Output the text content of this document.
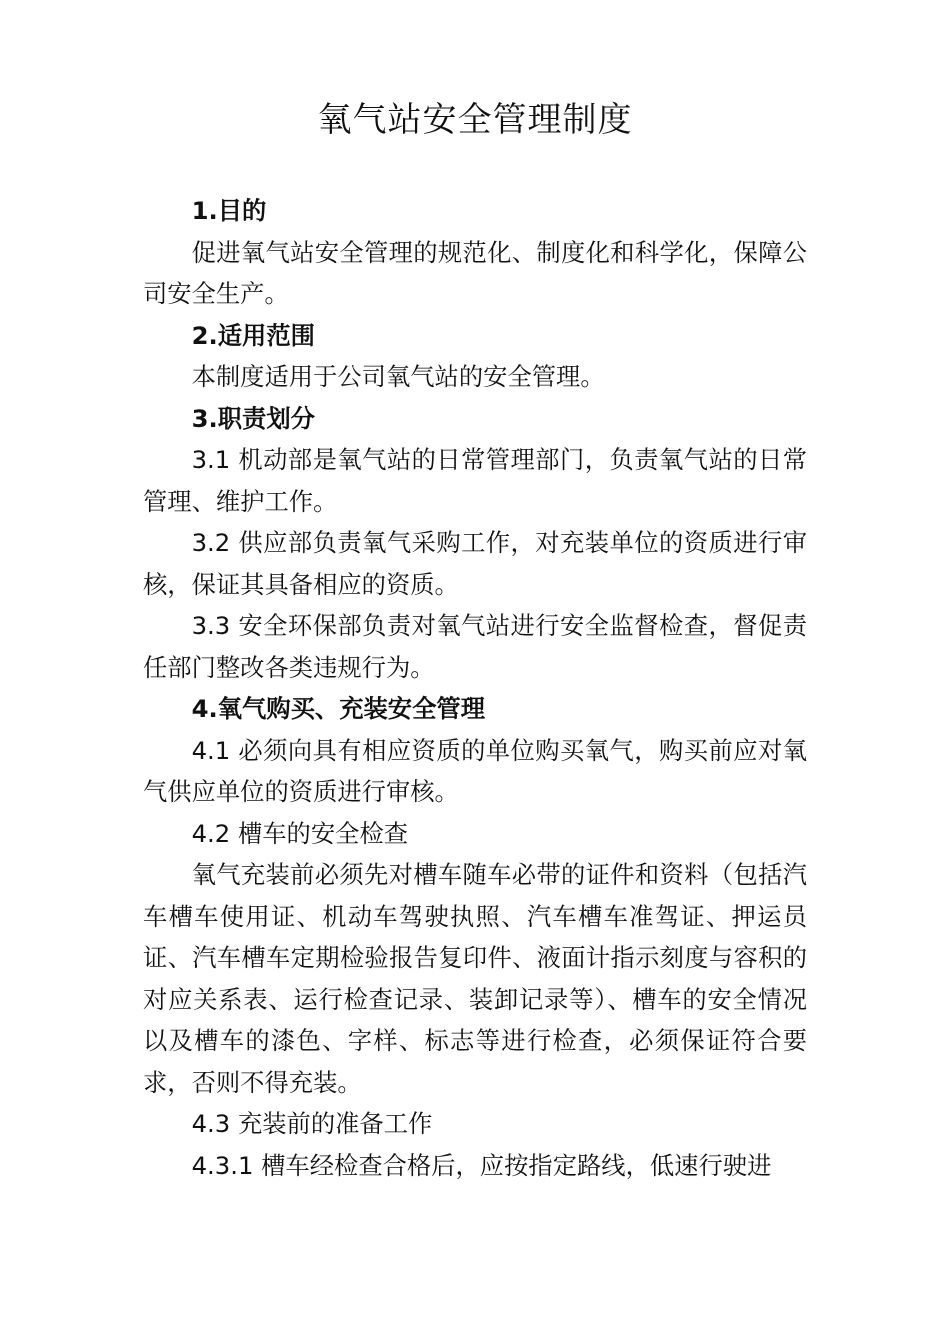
氧气站安全管理制度

1.目的

促进氧气站安全管理的规范化、制度化和科学化，保障公司安全生产。

2.适用范围

本制度适用于公司氧气站的安全管理。

3.职责划分

3.1 机动部是氧气站的日常管理部门，负责氧气站的日常管理、维护工作。

3.2 供应部负责氧气采购工作，对充装单位的资质进行审核，保证其具备相应的资质。

3.3 安全环保部负责对氧气站进行安全监督检查，督促责任部门整改各类违规行为。

4.氧气购买、充装安全管理

4.1 必须向具有相应资质的单位购买氧气，购买前应对氧气供应单位的资质进行审核。

4.2 槽车的安全检查

氧气充装前必须先对槽车随车必带的证件和资料（包括汽车槽车使用证、机动车驾驶执照、汽车槽车准驾证、押运员证、汽车槽车定期检验报告复印件、液面计指示刻度与容积的对应关系表、运行检查记录、装卸记录等）、槽车的安全情况以及槽车的漆色、字样、标志等进行检查，必须保证符合要求，否则不得充装。

4.3 充装前的准备工作

4.3.1 槽车经检查合格后，应按指定路线，低速行驶进
